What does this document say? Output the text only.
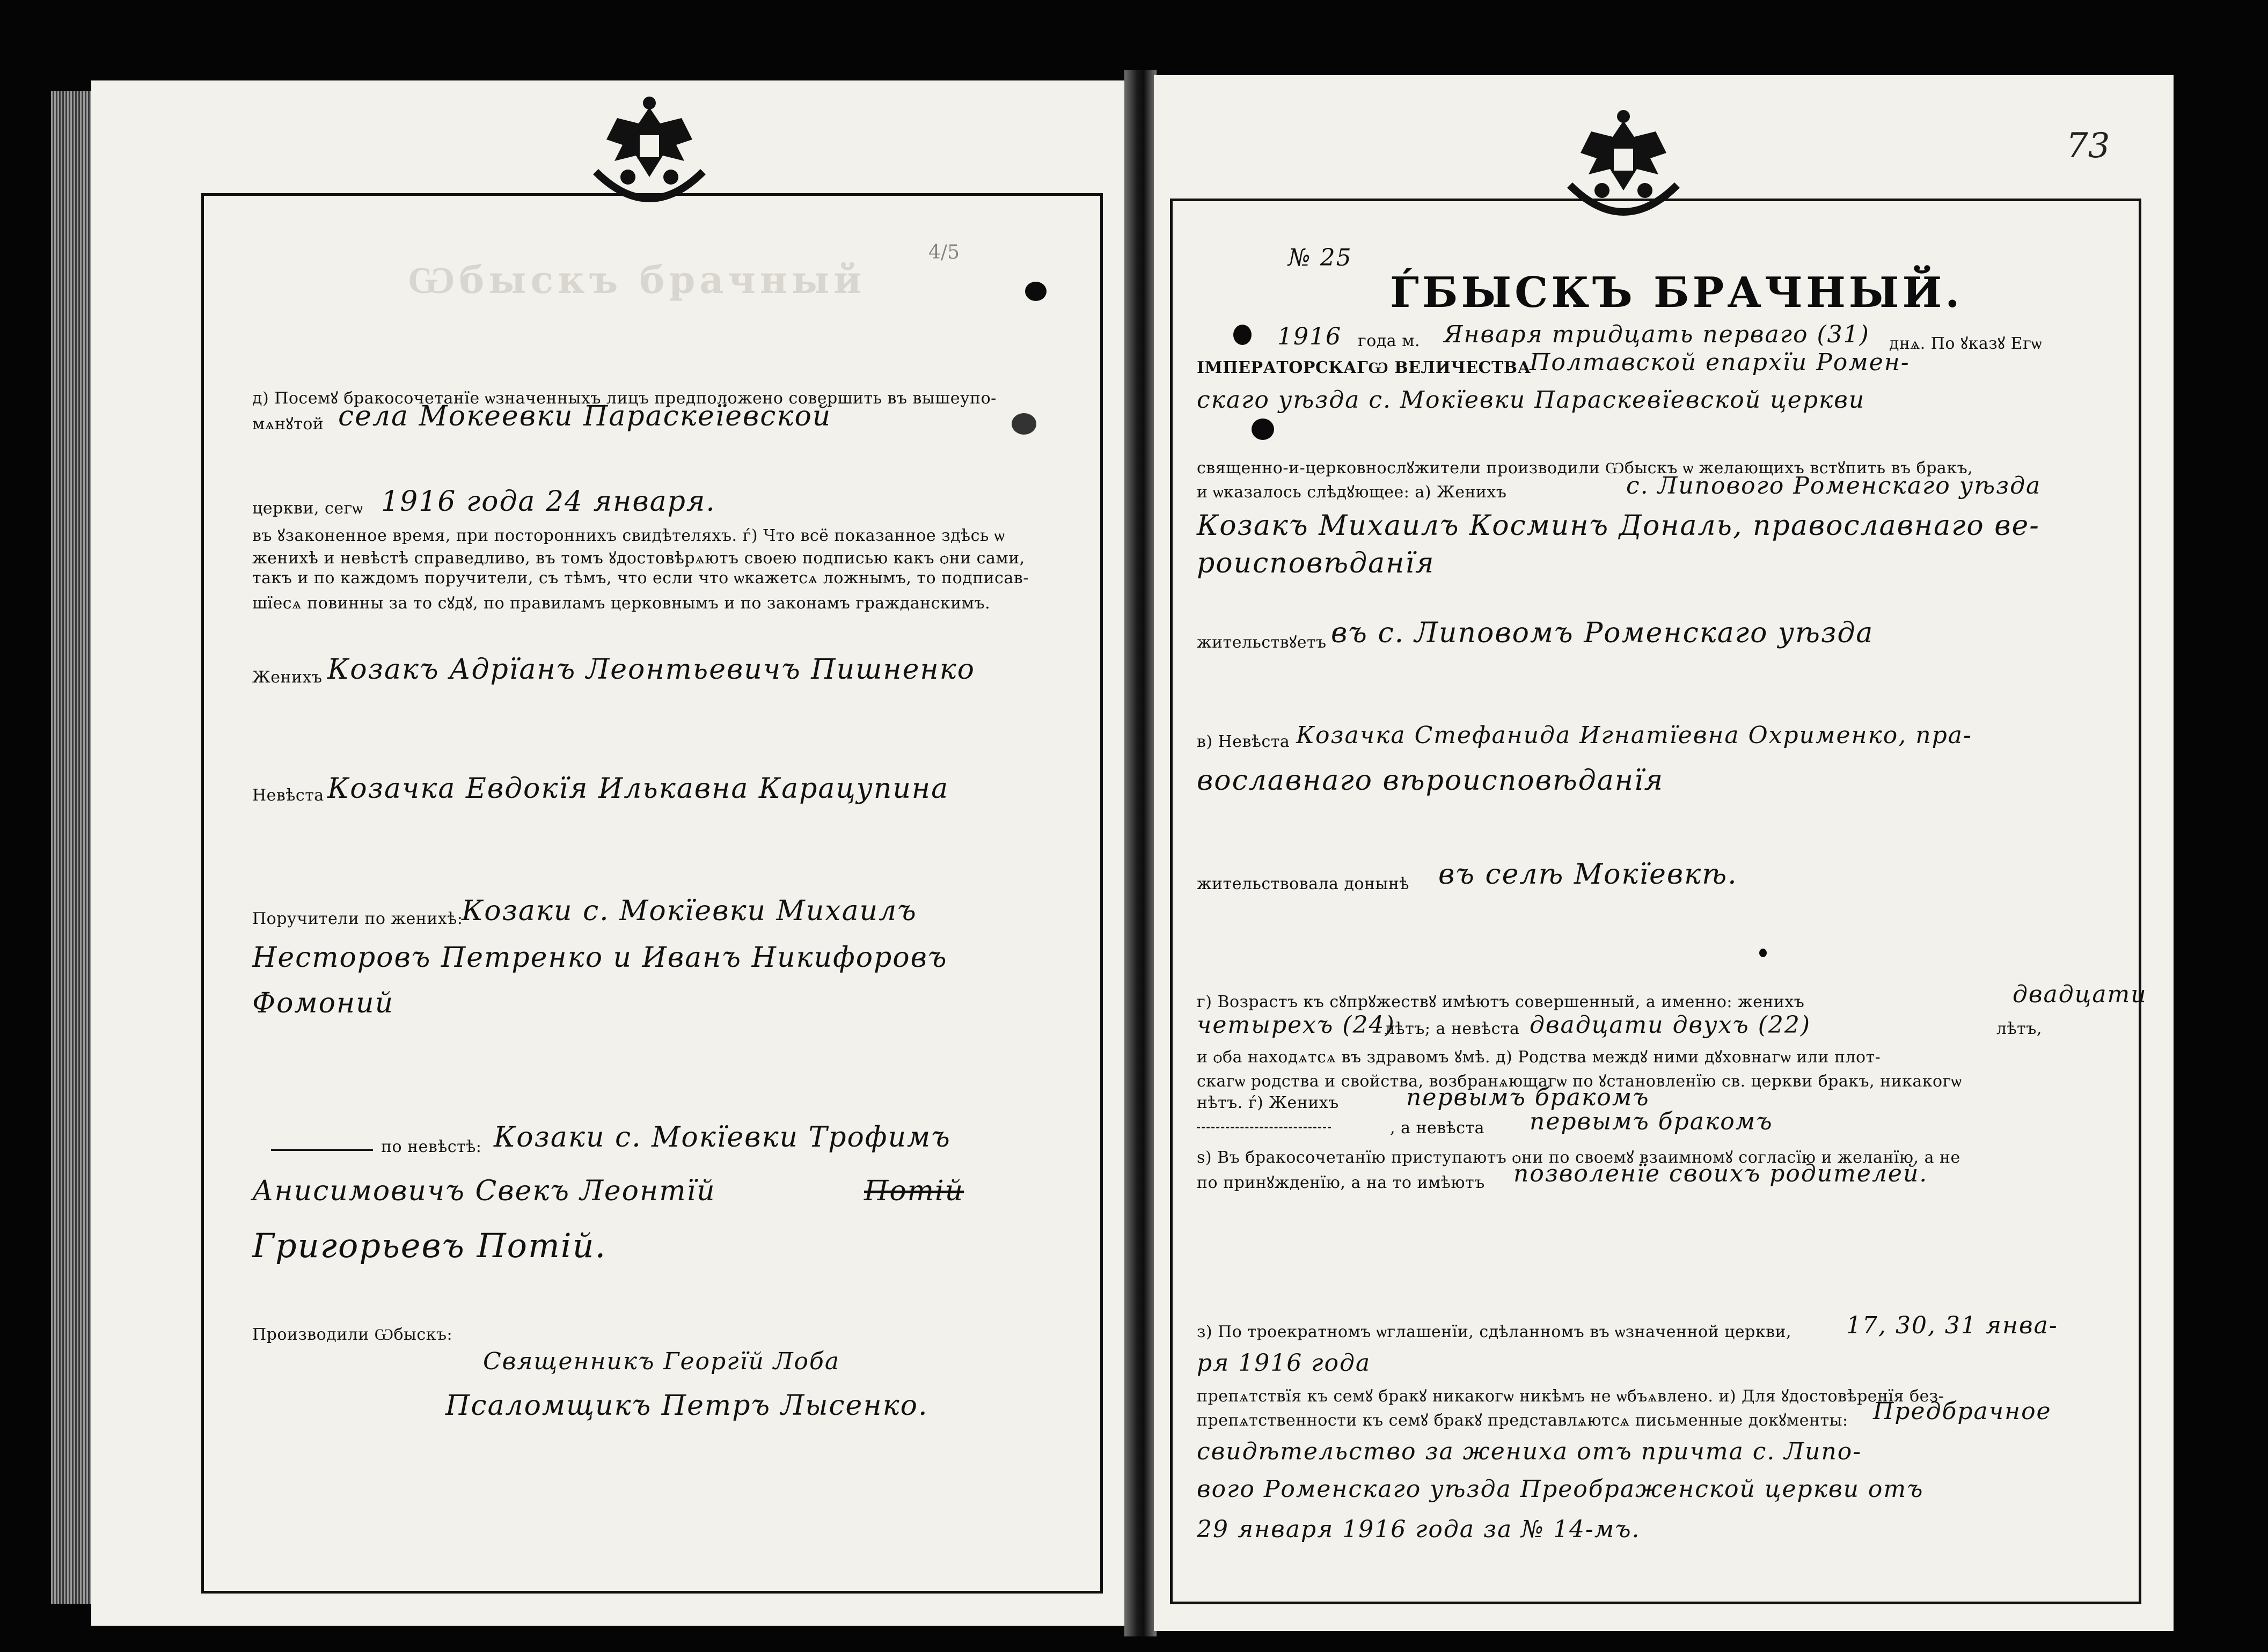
Ѡбыскъ брачный
4/5
д) Посемꙋ бракосочетанїе ѡзначенныхъ лицъ предположено совершить въ вышеупо-
мѧнꙋтой села Мокеевки Параскеїевской
церкви, сегѡ 1916 года 24 января.
въ ꙋзаконенное время, при постороннихъ свидѣтеляхъ. ѓ) Что всё показанное здѣсь ѡ
женихѣ и невѣстѣ справедливо, въ томъ ꙋдостовѣрѧютъ своею подписью какъ ѻни сами,
такъ и по каждомъ поручители, съ тѣмъ, что если что ѡкажетсѧ ложнымъ, то подписав-
шїесѧ повинны за то сꙋдꙋ, по правиламъ церковнымъ и по законамъ гражданскимъ.
Женихъ Козакъ Адрїанъ Леонтьевичъ Пишненко
Невѣста Козачка Евдокїя Илькавна Карацупина
Поручители по женихѣ:
Козаки с. Мокїевки Михаилъ
Несторовъ Петренко и Иванъ Никифоровъ
Фомоний
по невѣстѣ: Козаки с. Мокїевки Трофимъ
Анисимовичъ Свекъ Леонтїй	Потій
Григорьевъ Потій.
Производили Ѡбыскъ:
Священникъ Георгїй Лоба
Псаломщикъ Петръ Лысенко.
73
№ 25
ЃБЫСКЪ БРАЧНЫЙ.
1916 года м. Января тридцать перваго (31) днѧ. По ꙋказꙋ Егѡ
ІМПЕРАТОРСКАГѠ ВЕЛИЧЕСТВА
Полтавской епархїи Ромен-
скаго уѣзда с. Мокїевки Параскевїевской церкви
священно-и-церковнослꙋжители производили Ѡбыскъ ѡ желающихъ встꙋпить въ бракъ,
и ѡказалось слѣдꙋющее: а) Женихъ	с. Липового Роменскаго уѣзда
Козакъ Михаилъ Косминъ Дональ, православнаго ве-
роисповѣданїя
жительствꙋетъ въ с. Липовомъ Роменскаго уѣзда
в) Невѣста Козачка Стефанида Игнатїевна Охрименко, пра-
вославнаго вѣроисповѣданїя
жительствовала донынѣ въ селѣ Мокїевкѣ.
г) Возрастъ къ сꙋпрꙋжествꙋ имѣютъ совершенный, а именно: женихъ	двадцати
четырехъ (24)
лѣтъ; а невѣста двадцати двухъ (22)	лѣтъ,
и ѻба находѧтсѧ въ здравомъ ꙋмѣ. д) Родства междꙋ ними дꙋховнагѡ или плот-
скагѡ родства и свойства, возбранѧющагѡ по ꙋстановленїю св. церкви бракъ, никакогѡ
нѣтъ. ѓ) Женихъ	первымъ бракомъ
, а невѣста первымъ бракомъ
ѕ) Въ бракосочетанїю приступаютъ ѻни по своемꙋ взаимномꙋ согласїю и желанїю, а не
по принꙋжденїю, а на то имѣютъ позволенїе своихъ родителей.
з) По троекратномъ ѡглашенїи, сдѣланномъ въ ѡзначенной церкви, 17, 30, 31 янва-
ря 1916 года
препѧтствїя къ семꙋ бракꙋ никакогѡ никѣмъ не ѡбъѧвлено. и) Для ꙋдостовѣренїя без-
препѧтственности къ семꙋ бракꙋ представлѧютсѧ письменные докꙋменты: Предбрачное
свидѣтельство за жениха отъ причта с. Липо-
вого Роменскаго уѣзда Преображенской церкви отъ
29 января 1916 года за № 14-мъ.
